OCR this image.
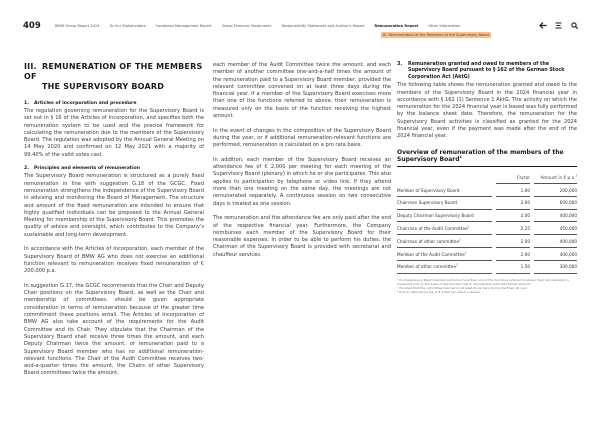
409	BMW Group Report 2024	To Our Stakeholders	Combined Management Report	Group Financial Statements	Responsibility Statement and Auditor's Report	Remuneration Report	Other Information
III. Remuneration of the Members of the Supervisory Board
III. REMUNERATION OF THE MEMBERS OF
THE SUPERVISORY BOARD
1. Articles of incorporation and procedure

The regulation governing remuneration for the Supervisory Board is set out in § 16 of the Articles of Incorporation, and specifies both the remuneration system to be used and the precise framework for calculating the remuneration due to the members of the Supervisory Board. The regulation was adopted by the Annual General Meeting on 14 May 2020 and confirmed on 12 May 2021 with a majority of 99.40% of the valid votes cast.

2. Principles and elements of remuneration

The Supervisory Board remuneration is structured as a purely fixed remuneration in line with suggestion G.18 of the GCGC. Fixed remuneration strengthens the independence of the Supervisory Board in advising and monitoring the Board of Management. The structure and amount of the fixed remuneration are intended to ensure that highly qualified individuals can be proposed to the Annual General Meeting for membership of the Supervisory Board. This promotes the quality of advice and oversight, which contributes to the Company's sustainable and long-term development.

In accordance with the Articles of Incorporation, each member of the Supervisory Board of BMW AG who does not exercise an additional function relevant to remuneration receives fixed remuneration of € 200,000 p.a.

In suggestion G.17, the GCGC recommends that the Chair and Deputy Chair positions on the Supervisory Board, as well as the Chair and membership of committees, should be given appropriate consideration in terms of remuneration because of the greater time commitment these positions entail. The Articles of Incorporation of BMW AG also take account of the requirements for the Audit Committee and its Chair. They stipulate that the Chairman of the Supervisory Board shall receive three times the amount, and each Deputy Chairman twice the amount, of remuneration paid to a Supervisory Board member who has no additional remuneration-relevant functions. The Chair of the Audit Committee receives two-and-a-quarter times the amount, the Chairs of other Supervisory Board committees twice the amount,

each member of the Audit Committee twice the amount, and each member of another committee one-and-a-half times the amount of the remuneration paid to a Supervisory Board member, provided the relevant committee convened on at least three days during the financial year. If a member of the Supervisory Board exercises more than one of the functions referred to above, their remuneration is measured only on the basis of the function receiving the highest amount.

In the event of changes in the composition of the Supervisory Board during the year, or if additional remuneration-relevant functions are performed, remuneration is calculated on a pro rata basis.

In addition, each member of the Supervisory Board receives an attendance fee of € 2,000 per meeting for each meeting of the Supervisory Board (plenary) in which he or she participates. This also applies to participation by telephone or video link. If they attend more than one meeting on the same day, the meetings are not remunerated separately. A continuous session on two consecutive days is treated as one session.

The remuneration and the attendance fee are only paid after the end of the respective financial year. Furthermore, the Company reimburses each member of the Supervisory Board for their reasonable expenses. In order to be able to perform his duties, the Chairman of the Supervisory Board is provided with secretarial and chauffeur services.

3.	Remuneration granted and owed to members of the Supervisory Board pursuant to § 162 of the German Stock Corporation Act (AktG)

The following table shows the remuneration granted and owed to the members of the Supervisory Board in the 2024 financial year in accordance with § 162 (1) Sentence 1 AktG. The activity on which the remuneration for the 2024 financial year is based was fully performed by the balance sheet date. Therefore, the remuneration for the Supervisory Board activities is classified as granted for the 2024 financial year, even if the payment was made after the end of the 2024 financial year.

Overview of remuneration of the members of the Supervisory Board$^1$
		Factor		Amount in € p.a.$^3$
Member of Supervisory Board		1.00		200,000
Chairman Supervisory Board		3.00		600,000
Deputy Chairman Supervisory Board		2.00		400,000
Chairman of the Audit Committee$^2$		2.25		450,000
Chairman of other committee$^2$		2.00		400,000
Member of the Audit Committee$^2$		2.00		400,000
Member of other committee$^2$		1.50		300,000
¹ If a Supervisory Board member performs more than one of the functions referred to above, their remuneration is measured only on the basis of the function that is remunerated with the highest amount.
² Provided that the committee has met on at least three days during the financial year.
³ Plus an attendance fee of € 2,000 per plenary session.
